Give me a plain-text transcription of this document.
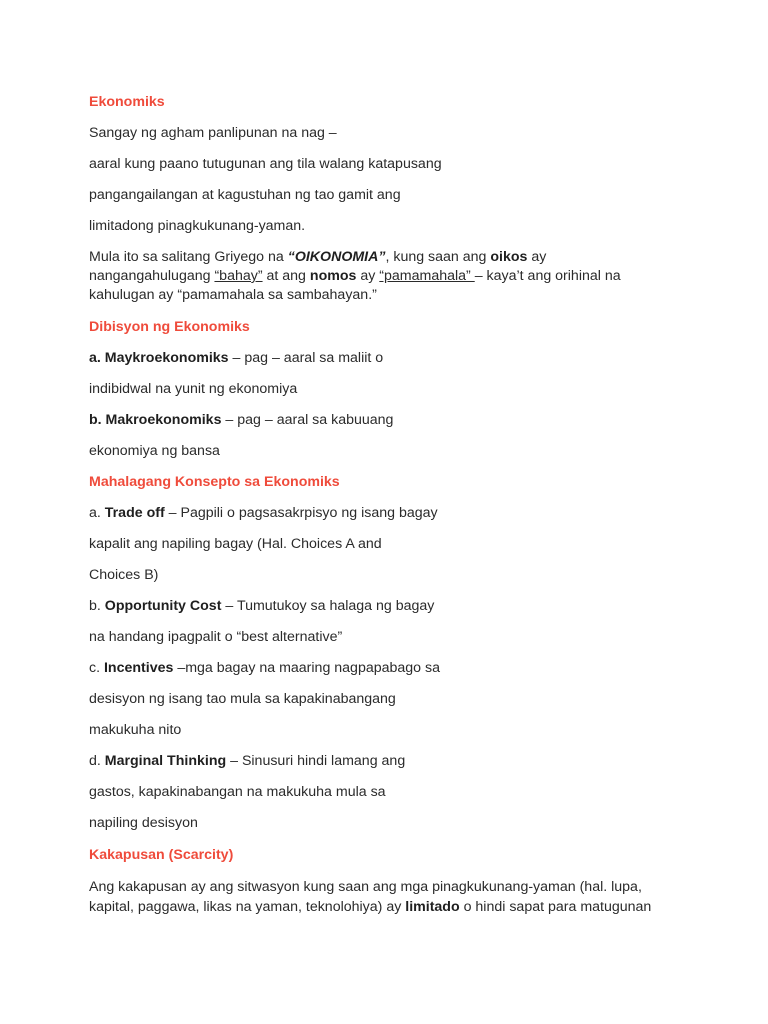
Ekonomiks
Sangay ng agham panlipunan na nag –
aaral kung paano tutugunan ang tila walang katapusang
pangangailangan at kagustuhan ng tao gamit ang
limitadong pinagkukunang-yaman.
Mula ito sa salitang Griyego na “OIKONOMIA”, kung saan ang oikos ay
nangangahulugang “bahay” at ang nomos ay “pamamahala” – kaya’t ang orihinal na
kahulugan ay “pamamahala sa sambahayan.”
Dibisyon ng Ekonomiks
a. Maykroekonomiks – pag – aaral sa maliit o
indibidwal na yunit ng ekonomiya
b. Makroekonomiks – pag – aaral sa kabuuang
ekonomiya ng bansa
Mahalagang Konsepto sa Ekonomiks
a. Trade off – Pagpili o pagsasakrpisyo ng isang bagay
kapalit ang napiling bagay (Hal. Choices A and
Choices B)
b. Opportunity Cost – Tumutukoy sa halaga ng bagay
na handang ipagpalit o “best alternative”
c. Incentives –mga bagay na maaring nagpapabago sa
desisyon ng isang tao mula sa kapakinabangang
makukuha nito
d. Marginal Thinking – Sinusuri hindi lamang ang
gastos, kapakinabangan na makukuha mula sa
napiling desisyon
Kakapusan (Scarcity)
Ang kakapusan ay ang sitwasyon kung saan ang mga pinagkukunang-yaman (hal. lupa,
kapital, paggawa, likas na yaman, teknolohiya) ay limitado o hindi sapat para matugunan
